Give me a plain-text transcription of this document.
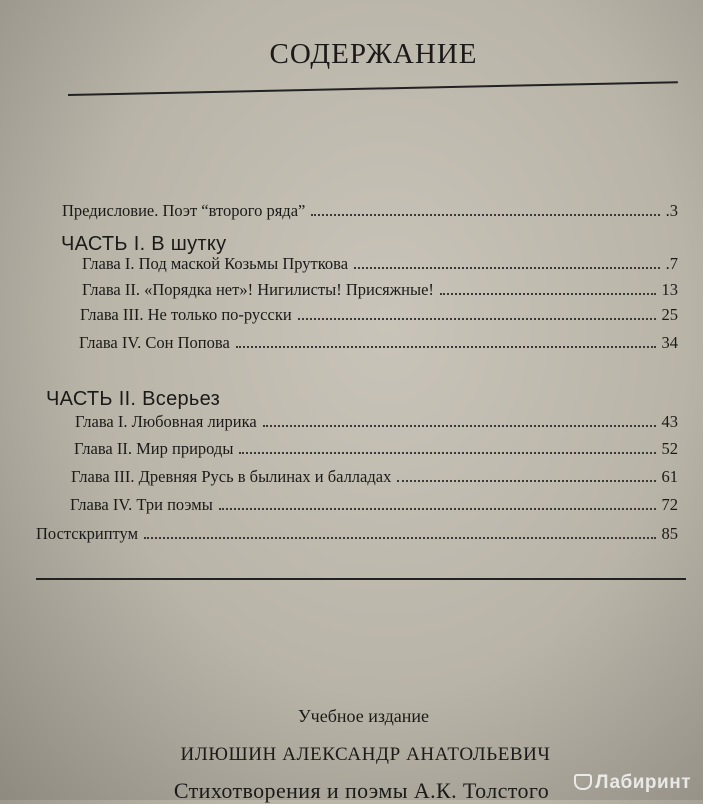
СОДЕРЖАНИЕ
Предисловие. Поэт “второго ряда”	.3
ЧАСТЬ I. В шутку
Глава I. Под маской Козьмы Пруткова	.7
Глава II. «Порядка нет»! Нигилисты! Присяжные!	13
Глава III. Не только по-русски	25
Глава IV. Сон Попова	34
ЧАСТЬ II. Всерьез
Глава I. Любовная лирика	43
Глава II. Мир природы	52
Глава III. Древняя Русь в былинах и балладах	61
Глава IV. Три поэмы	72
Постскриптум	85
Учебное издание
ИЛЮШИН АЛЕКСАНДР АНАТОЛЬЕВИЧ
Стихотворения и поэмы А.К. Толстого	Лабиринт
